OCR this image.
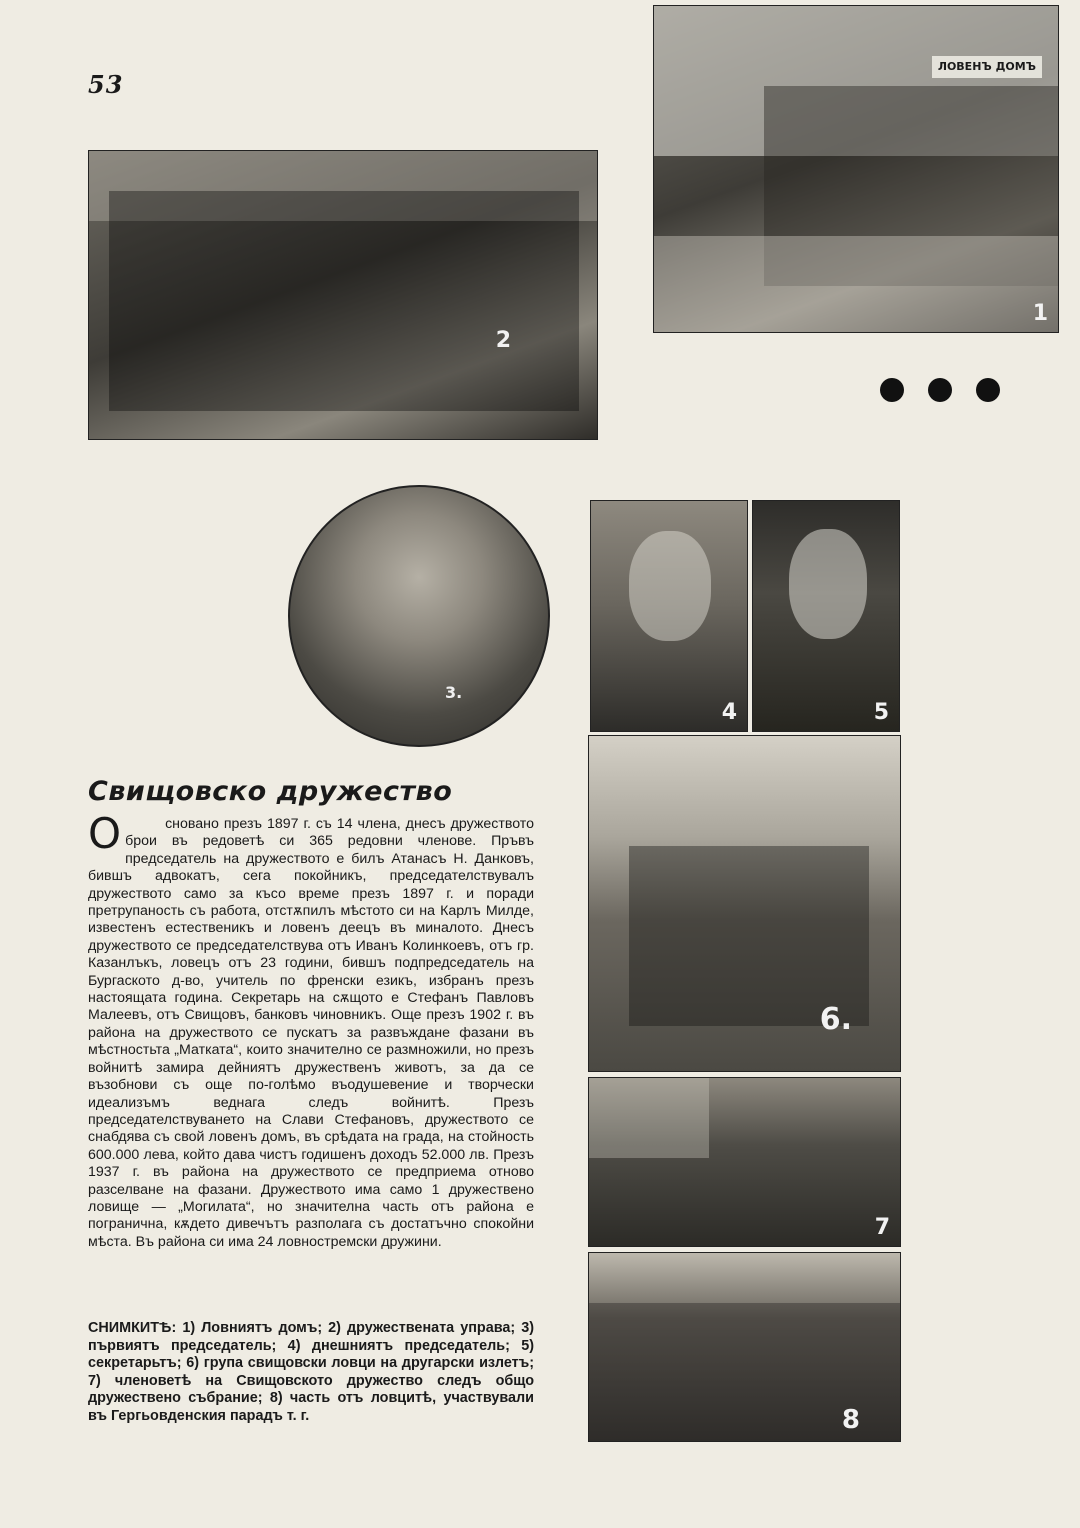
53
ЛОВЕНЪ ДОМЪ
1
2
3.
4	5
6.
7
8
Свищовско дружество
О	сновано презъ 1897 г. съ 14 члена, днесъ дружеството брои въ редоветѣ си 365 редовни членове. Пръвъ председатель на дружеството е билъ Атанасъ Н. Данковъ, бившъ адвокатъ, сега покойникъ, председателствувалъ дружеството само за късо време презъ 1897 г. и поради претрупаность съ работа, отстѫпилъ мѣстото си на Карлъ Милде, известенъ естественикъ и ловенъ деецъ въ миналото. Днесъ дружеството се председателствува отъ Иванъ Колинкоевъ, отъ гр. Казанлъкъ, ловецъ отъ 23 години, бившъ подпредседатель на Бургаското д-во, учитель по френски езикъ, избранъ презъ настоящата година. Секретарь на сѫщото е Стефанъ Павловъ Малеевъ, отъ Свищовъ, банковъ чиновникъ. Още презъ 1902 г. въ района на дружеството се пускатъ за развъждане фазани въ мѣстностьта „Матката“, които значително се размножили, но презъ войнитѣ замира дейниятъ дружественъ животъ, за да се възобнови съ още по-голѣмо въодушевение и творчески идеализъмъ веднага следъ войнитѣ. Презъ председателствуването на Слави Стефановъ, дружеството се снабдява съ свой ловенъ домъ, въ срѣдата на града, на стойность 600.000 лева, който дава чистъ годишенъ доходъ 52.000 лв. Презъ 1937 г. въ района на дружеството се предприема отново разселване на фазани. Дружеството има само 1 дружествено ловище — „Могилата“, но значителна часть отъ района е погранична, кѫдето дивечътъ разполага съ достатъчно спокойни мѣста. Въ района си има 24 ловностремски дружини.
СНИМКИТѢ: 1) Ловниятъ домъ; 2) дружествената управа; 3) първиятъ председатель; 4) днешниятъ председатель; 5) секретарьтъ; 6) група свищовски ловци на другарски излетъ; 7) членоветѣ на Свищовското дружество следъ общо дружествено събрание; 8) часть отъ ловцитѣ, участвували въ Гергьовденския парадъ т. г.
